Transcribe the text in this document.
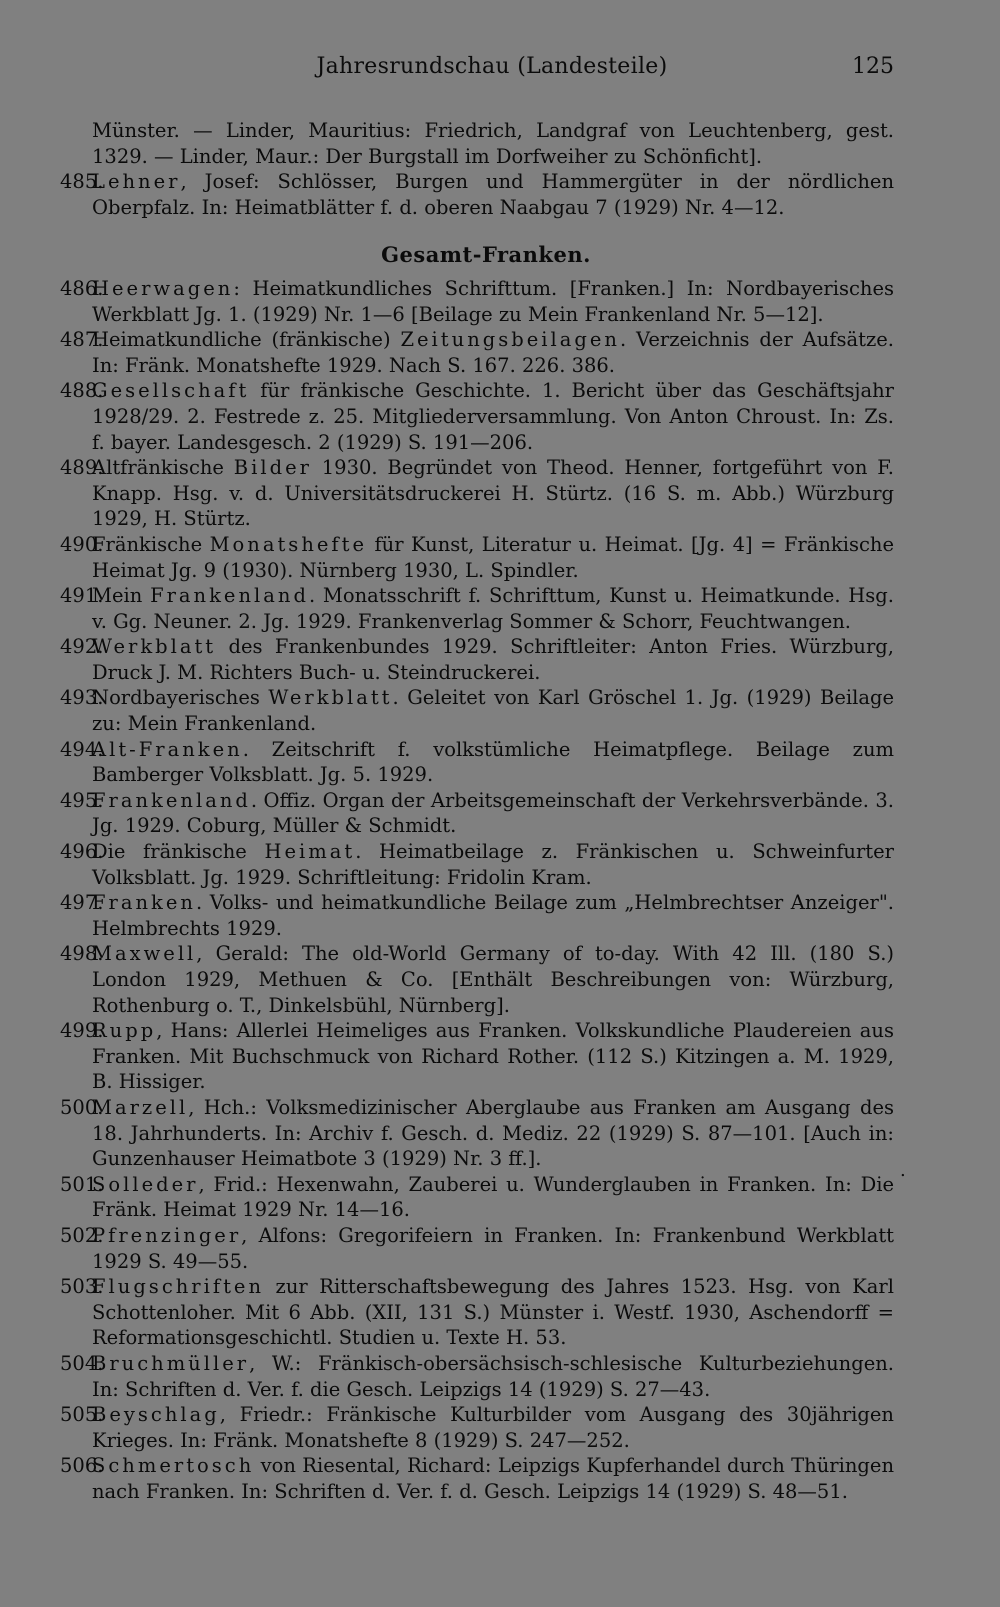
Jahresrundschau (Landesteile)	125
Münster. — Linder, Mauritius: Friedrich, Landgraf von Leuchtenberg, gest. 1329. — Linder, Maur.: Der Burgstall im Dorfweiher zu Schönficht].
485 .
Lehner, Josef: Schlösser, Burgen und Hammergüter in der nördlichen Oberpfalz. In: Heimatblätter f. d. oberen Naabgau 7 (1929) Nr. 4—12.
Gesamt-Franken.
486 .
Heerwagen: Heimatkundliches Schrifttum. [Franken.] In: Nordbayerisches Werkblatt Jg. 1. (1929) Nr. 1—6 [Beilage zu Mein Frankenland Nr. 5—12].
487 .
Heimatkundliche (fränkische) Zeitungsbeilagen. Verzeichnis der Aufsätze. In: Fränk. Monatshefte 1929. Nach S. 167. 226. 386.
488 .
Gesellschaft für fränkische Geschichte. 1. Bericht über das Geschäftsjahr 1928/29. 2. Festrede z. 25. Mitgliederversammlung. Von Anton Chroust. In: Zs. f. bayer. Landesgesch. 2 (1929) S. 191—206.
489 .
Altfränkische Bilder 1930. Begründet von Theod. Henner, fortgeführt von F. Knapp. Hsg. v. d. Universitätsdruckerei H. Stürtz. (16 S. m. Abb.) Würzburg 1929, H. Stürtz.
490 .
Fränkische Monatshefte für Kunst, Literatur u. Heimat. [Jg. 4] = Fränkische Heimat Jg. 9 (1930). Nürnberg 1930, L. Spindler.
491 .
Mein Frankenland. Monatsschrift f. Schrifttum, Kunst u. Heimatkunde. Hsg. v. Gg. Neuner. 2. Jg. 1929. Frankenverlag Sommer & Schorr, Feuchtwangen.
492 .
Werkblatt des Frankenbundes 1929. Schriftleiter: Anton Fries. Würzburg, Druck J. M. Richters Buch- u. Steindruckerei.
493 .
Nordbayerisches Werkblatt. Geleitet von Karl Gröschel 1. Jg. (1929) Beilage zu: Mein Frankenland.
494 .
Alt-Franken. Zeitschrift f. volkstümliche Heimatpflege. Beilage zum Bamberger Volksblatt. Jg. 5. 1929.
495 .
Frankenland. Offiz. Organ der Arbeitsgemeinschaft der Verkehrsverbände. 3. Jg. 1929. Coburg, Müller & Schmidt.
496 .
Die fränkische Heimat. Heimatbeilage z. Fränkischen u. Schweinfurter Volksblatt. Jg. 1929. Schriftleitung: Fridolin Kram.
497 .
Franken. Volks- und heimatkundliche Beilage zum „Helmbrechtser Anzeiger". Helmbrechts 1929.
498 .
Maxwell, Gerald: The old-World Germany of to-day. With 42 Ill. (180 S.) London 1929, Methuen & Co. [Enthält Beschreibungen von: Würzburg, Rothenburg o. T., Dinkelsbühl, Nürnberg].
499 .
Rupp, Hans: Allerlei Heimeliges aus Franken. Volkskundliche Plaudereien aus Franken. Mit Buchschmuck von Richard Rother. (112 S.) Kitzingen a. M. 1929, B. Hissiger.
500 .
Marzell, Hch.: Volksmedizinischer Aberglaube aus Franken am Ausgang des 18. Jahrhunderts. In: Archiv f. Gesch. d. Mediz. 22 (1929) S. 87—101. [Auch in: Gunzenhauser Heimatbote 3 (1929) Nr. 3 ff.].
501 .
Solleder, Frid.: Hexenwahn, Zauberei u. Wunderglauben in Franken. In: Die Fränk. Heimat 1929 Nr. 14—16.
502 .
Pfrenzinger, Alfons: Gregorifeiern in Franken. In: Frankenbund Werkblatt 1929 S. 49—55.
503 .
Flugschriften zur Ritterschaftsbewegung des Jahres 1523. Hsg. von Karl Schottenloher. Mit 6 Abb. (XII, 131 S.) Münster i. Westf. 1930, Aschendorff = Reformationsgeschichtl. Studien u. Texte H. 53.
504 .
Bruchmüller, W.: Fränkisch-obersächsisch-schlesische Kulturbeziehungen. In: Schriften d. Ver. f. die Gesch. Leipzigs 14 (1929) S. 27—43.
505 .
Beyschlag, Friedr.: Fränkische Kulturbilder vom Ausgang des 30jährigen Krieges. In: Fränk. Monatshefte 8 (1929) S. 247—252.
506 .
Schmertosch von Riesental, Richard: Leipzigs Kupferhandel durch Thüringen nach Franken. In: Schriften d. Ver. f. d. Gesch. Leipzigs 14 (1929) S. 48—51.
.
